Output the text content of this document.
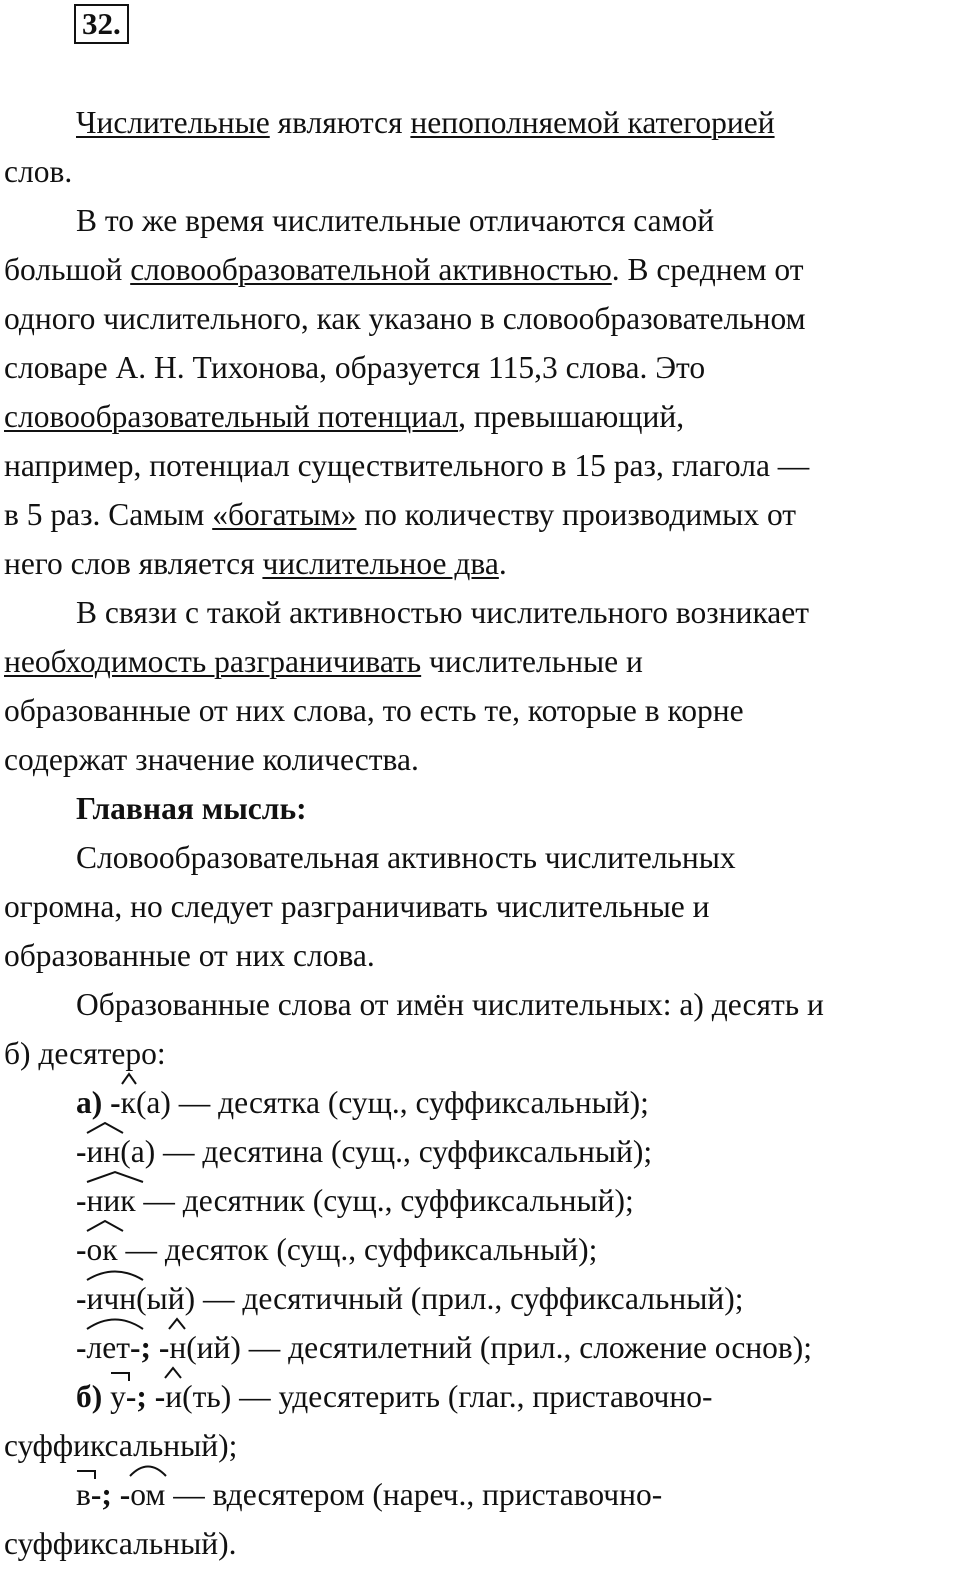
32.
Числительные являются непополняемой категорией
слов.
В то же время числительные отличаются самой
большой словообразовательной активностью. В среднем от
одного числительного, как указано в словообразовательном
словаре А. Н. Тихонова, образуется 115,3 слова. Это
словообразовательный потенциал, превышающий,
например, потенциал существительного в 15 раз, глагола —
в 5 раз. Самым «богатым» по количеству производимых от
него слов является числительное два.
В связи с такой активностью числительного возникает
необходимость разграничивать числительные и
образованные от них слова, то есть те, которые в корне
содержат значение количества.
Главная мысль:
Словообразовательная активность числительных
огромна, но следует разграничивать числительные и
образованные от них слова.
Образованные слова от имён числительных: а) десять и
б) десятеро:
а) -
к(а) — десятка (сущ., суффиксальный);
-
ин(а) — десятина (сущ., суффиксальный);
-
ник — десятник (сущ., суффиксальный);
-
ок — десяток (сущ., суффиксальный);
-
ичн(ый) — десятичный (прил., суффиксальный);
-
лет-; -
н(ий) — десятилетний (прил., сложение основ);
б) у-; -
и(ть) — удесятерить (глаг., приставочно-
суффиксальный);
в-; -
ом — вдесятером (нареч., приставочно-
суффиксальный).
